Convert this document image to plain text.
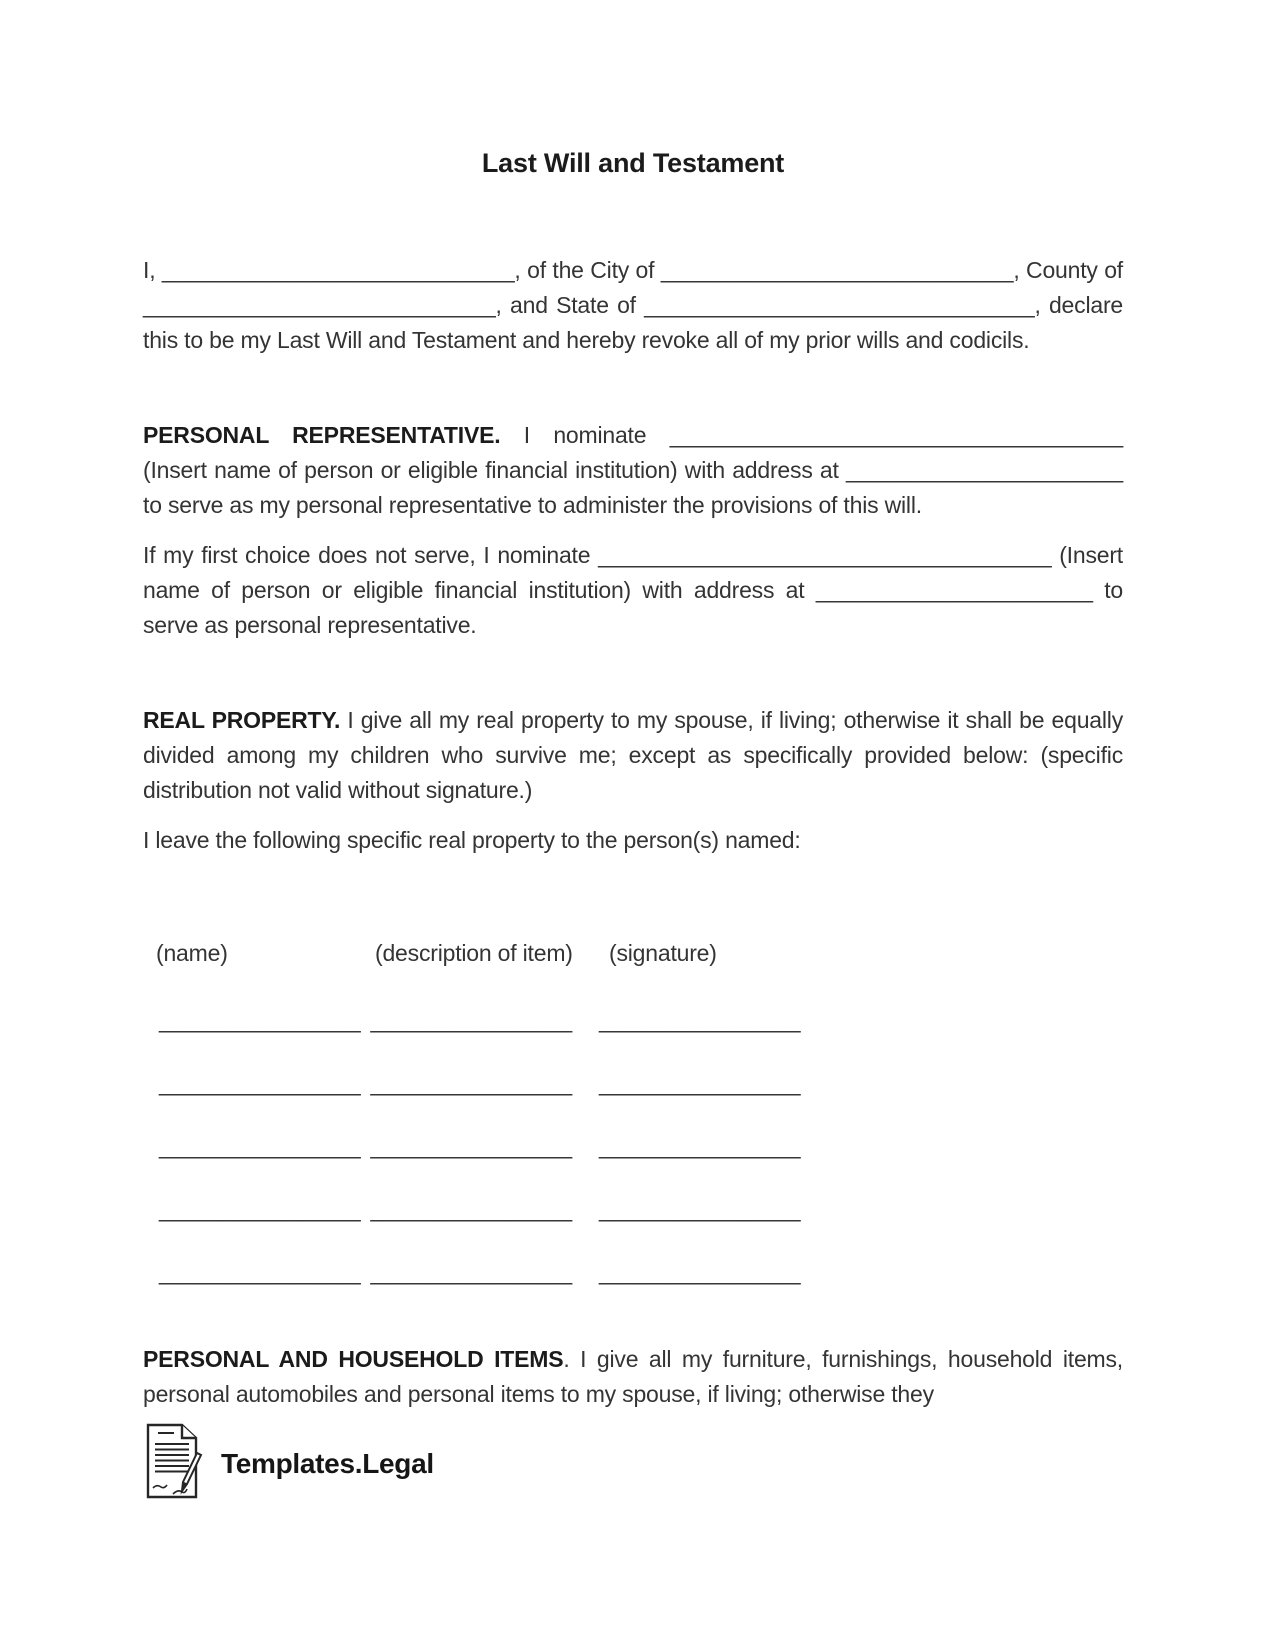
Last Will and Testament

I, ____________________________, of the City of ____________________________, County of ____________________________, and State of _______________________________, declare this to be my Last Will and Testament and hereby revoke all of my prior wills and codicils.

PERSONAL REPRESENTATIVE. I nominate ____________________________________ (Insert name of person or eligible financial institution) with address at ______________________ to serve as my personal representative to administer the provisions of this will.

If my first choice does not serve, I nominate ____________________________________ (Insert name of person or eligible financial institution) with address at ______________________ to serve as personal representative.

REAL PROPERTY. I give all my real property to my spouse, if living; otherwise it shall be equally divided among my children who survive me; except as specifically provided below: (specific distribution not valid without signature.)

I leave the following specific real property to the person(s) named:

(name)	(description of item) (signature)
________________ ________________ ________________
________________ ________________ ________________
________________ ________________ ________________
________________ ________________ ________________
________________ ________________ ________________

PERSONAL AND HOUSEHOLD ITEMS. I give all my furniture, furnishings, household items, personal automobiles and personal items to my spouse, if living; otherwise they

Templates.Legal
